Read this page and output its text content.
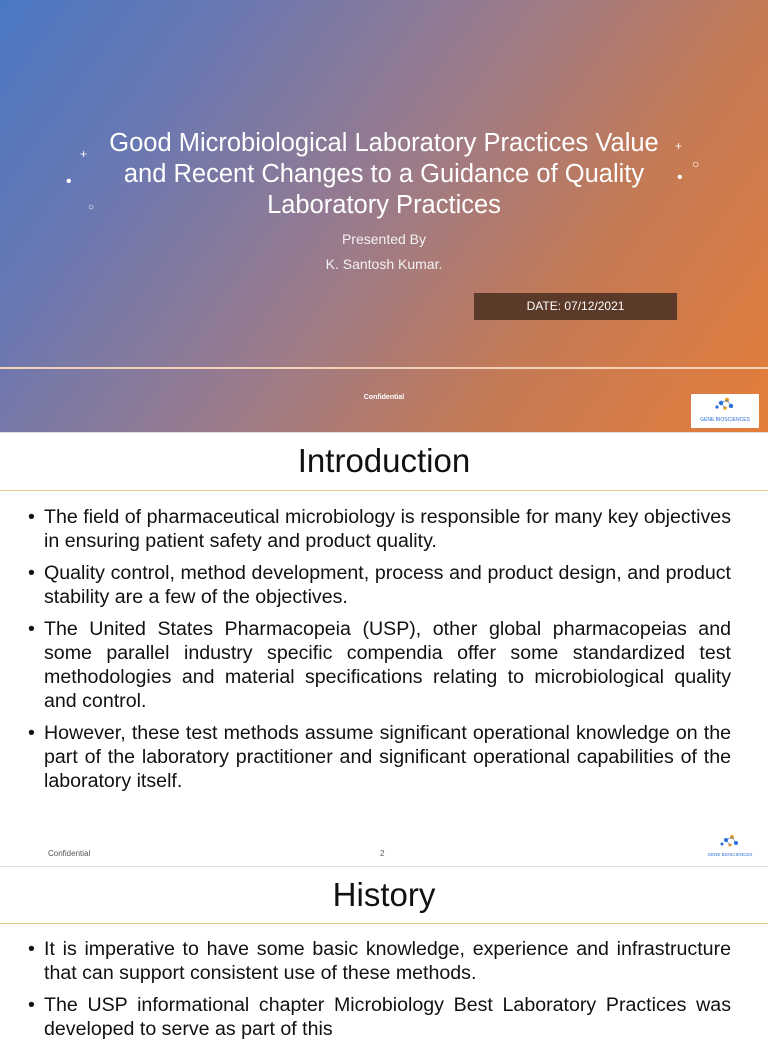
+
•
○
+
•
○
Good Microbiological Laboratory Practices Value and Recent Changes to a Guidance of Quality Laboratory Practices
Presented By
K. Santosh Kumar.
DATE: 07/12/2021
Confidential
GENE BIOSCIENCES
Introduction
• The field of pharmaceutical microbiology is responsible for many key objectives in ensuring patient safety and product quality.
• Quality control, method development, process and product design, and product stability are a few of the objectives.
• The United States Pharmacopeia (USP), other global pharmacopeias and some parallel industry specific compendia offer some standardized test methodologies and material specifications relating to microbiological quality and control.
• However, these test methods assume significant operational knowledge on the part of the laboratory practitioner and significant operational capabilities of the laboratory itself.
Confidential	2	GENE BIOSCIENCES
History
• It is imperative to have some basic knowledge, experience and infrastructure that can support consistent use of these methods.
• The USP informational chapter Microbiology Best Laboratory Practices was developed to serve as part of this
